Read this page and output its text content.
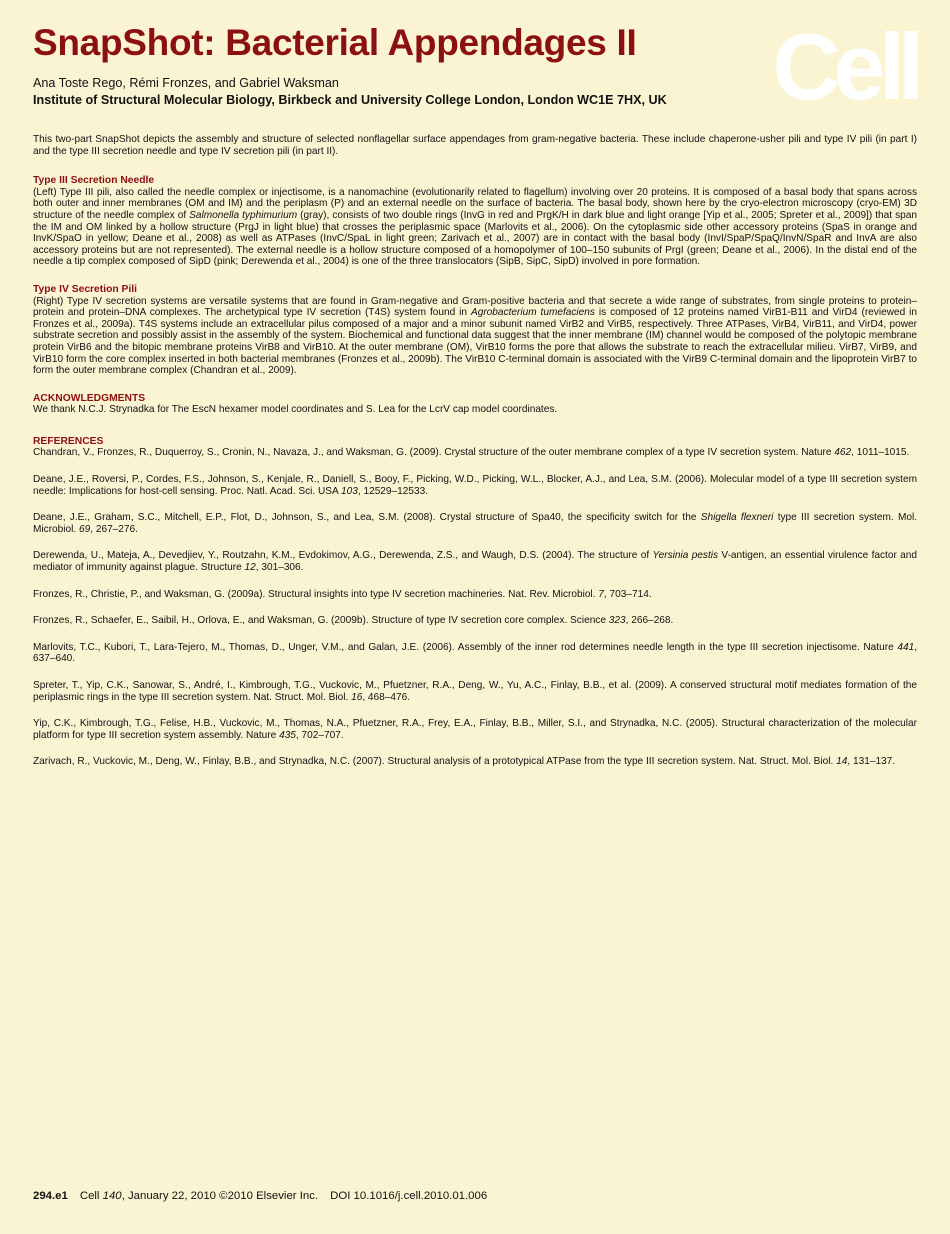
SnapShot: Bacterial Appendages II Cell
Ana Toste Rego, Rémi Fronzes, and Gabriel Waksman
Institute of Structural Molecular Biology, Birkbeck and University College London, London WC1E 7HX, UK

This two-part SnapShot depicts the assembly and structure of selected nonflagellar surface appendages from gram-negative bacteria. These include chaperone-usher pili and type IV pili (in part I) and the type III secretion needle and type IV secretion pili (in part II).

Type III Secretion Needle

(Left) Type III pili, also called the needle complex or injectisome, is a nanomachine (evolutionarily related to flagellum) involving over 20 proteins. It is composed of a basal body that spans across both outer and inner membranes (OM and IM) and the periplasm (P) and an external needle on the surface of bacteria. The basal body, shown here by the cryo-electron microscopy (cryo-EM) 3D structure of the needle complex of Salmonella typhimurium (gray), consists of two double rings (InvG in red and PrgK/H in dark blue and light orange [Yip et al., 2005; Spreter et al., 2009]) that span the IM and OM linked by a hollow structure (PrgJ in light blue) that crosses the periplasmic space (Marlovits et al., 2006). On the cytoplasmic side other accessory proteins (SpaS in orange and InvK/SpaO in yellow; Deane et al., 2008) as well as ATPases (InvC/SpaL in light green; Zarivach et al., 2007) are in contact with the basal body (InvI/SpaP/SpaQ/InvN/SpaR and InvA are also accessory proteins but are not represented). The external needle is a hollow structure composed of a homopolymer of 100–150 subunits of PrgI (green; Deane et al., 2006). In the distal end of the needle a tip complex composed of SipD (pink; Derewenda et al., 2004) is one of the three translocators (SipB, SipC, SipD) involved in pore formation.

Type IV Secretion Pili

(Right) Type IV secretion systems are versatile systems that are found in Gram-negative and Gram-positive bacteria and that secrete a wide range of substrates, from single proteins to protein–protein and protein–DNA complexes. The archetypical type IV secretion (T4S) system found in Agrobacterium tumefaciens is composed of 12 proteins named VirB1-B11 and VirD4 (reviewed in Fronzes et al., 2009a). T4S systems include an extracellular pilus composed of a major and a minor subunit named VirB2 and VirB5, respectively. Three ATPases, VirB4, VirB11, and VirD4, power substrate secretion and possibly assist in the assembly of the system. Biochemical and functional data suggest that the inner membrane (IM) channel would be composed of the polytopic membrane protein VirB6 and the bitopic membrane proteins VirB8 and VirB10. At the outer membrane (OM), VirB10 forms the pore that allows the substrate to reach the extracellular milieu. VirB7, VirB9, and VirB10 form the core complex inserted in both bacterial membranes (Fronzes et al., 2009b). The VirB10 C-terminal domain is associated with the VirB9 C-terminal domain and the lipoprotein VirB7 to form the outer membrane complex (Chandran et al., 2009).

ACKNOWLEDGMENTS

We thank N.C.J. Strynadka for The EscN hexamer model coordinates and S. Lea for the LcrV cap model coordinates.

REFERENCES

Chandran, V., Fronzes, R., Duquerroy, S., Cronin, N., Navaza, J., and Waksman, G. (2009). Crystal structure of the outer membrane complex of a type IV secretion system. Nature 462, 1011–1015.

Deane, J.E., Roversi, P., Cordes, F.S., Johnson, S., Kenjale, R., Daniell, S., Booy, F., Picking, W.D., Picking, W.L., Blocker, A.J., and Lea, S.M. (2006). Molecular model of a type III secretion system needle: Implications for host-cell sensing. Proc. Natl. Acad. Sci. USA 103, 12529–12533.

Deane, J.E., Graham, S.C., Mitchell, E.P., Flot, D., Johnson, S., and Lea, S.M. (2008). Crystal structure of Spa40, the specificity switch for the Shigella flexneri type III secretion system. Mol. Microbiol. 69, 267–276.

Derewenda, U., Mateja, A., Devedjiev, Y., Routzahn, K.M., Evdokimov, A.G., Derewenda, Z.S., and Waugh, D.S. (2004). The structure of Yersinia pestis V-antigen, an essential virulence factor and mediator of immunity against plague. Structure 12, 301–306.

Fronzes, R., Christie, P., and Waksman, G. (2009a). Structural insights into type IV secretion machineries. Nat. Rev. Microbiol. 7, 703–714.

Fronzes, R., Schaefer, E., Saibil, H., Orlova, E., and Waksman, G. (2009b). Structure of type IV secretion core complex. Science 323, 266–268.

Marlovits, T.C., Kubori, T., Lara-Tejero, M., Thomas, D., Unger, V.M., and Galan, J.E. (2006). Assembly of the inner rod determines needle length in the type III secretion injectisome. Nature 441, 637–640.

Spreter, T., Yip, C.K., Sanowar, S., André, I., Kimbrough, T.G., Vuckovic, M., Pfuetzner, R.A., Deng, W., Yu, A.C., Finlay, B.B., et al. (2009). A conserved structural motif mediates formation of the periplasmic rings in the type III secretion system. Nat. Struct. Mol. Biol. 16, 468–476.

Yip, C.K., Kimbrough, T.G., Felise, H.B., Vuckovic, M., Thomas, N.A., Pfuetzner, R.A., Frey, E.A., Finlay, B.B., Miller, S.I., and Strynadka, N.C. (2005). Structural characterization of the molecular platform for type III secretion system assembly. Nature 435, 702–707.

Zarivach, R., Vuckovic, M., Deng, W., Finlay, B.B., and Strynadka, N.C. (2007). Structural analysis of a prototypical ATPase from the type III secretion system. Nat. Struct. Mol. Biol. 14, 131–137.

294.e1 Cell 140, January 22, 2010 ©2010 Elsevier Inc. DOI 10.1016/j.cell.2010.01.006
